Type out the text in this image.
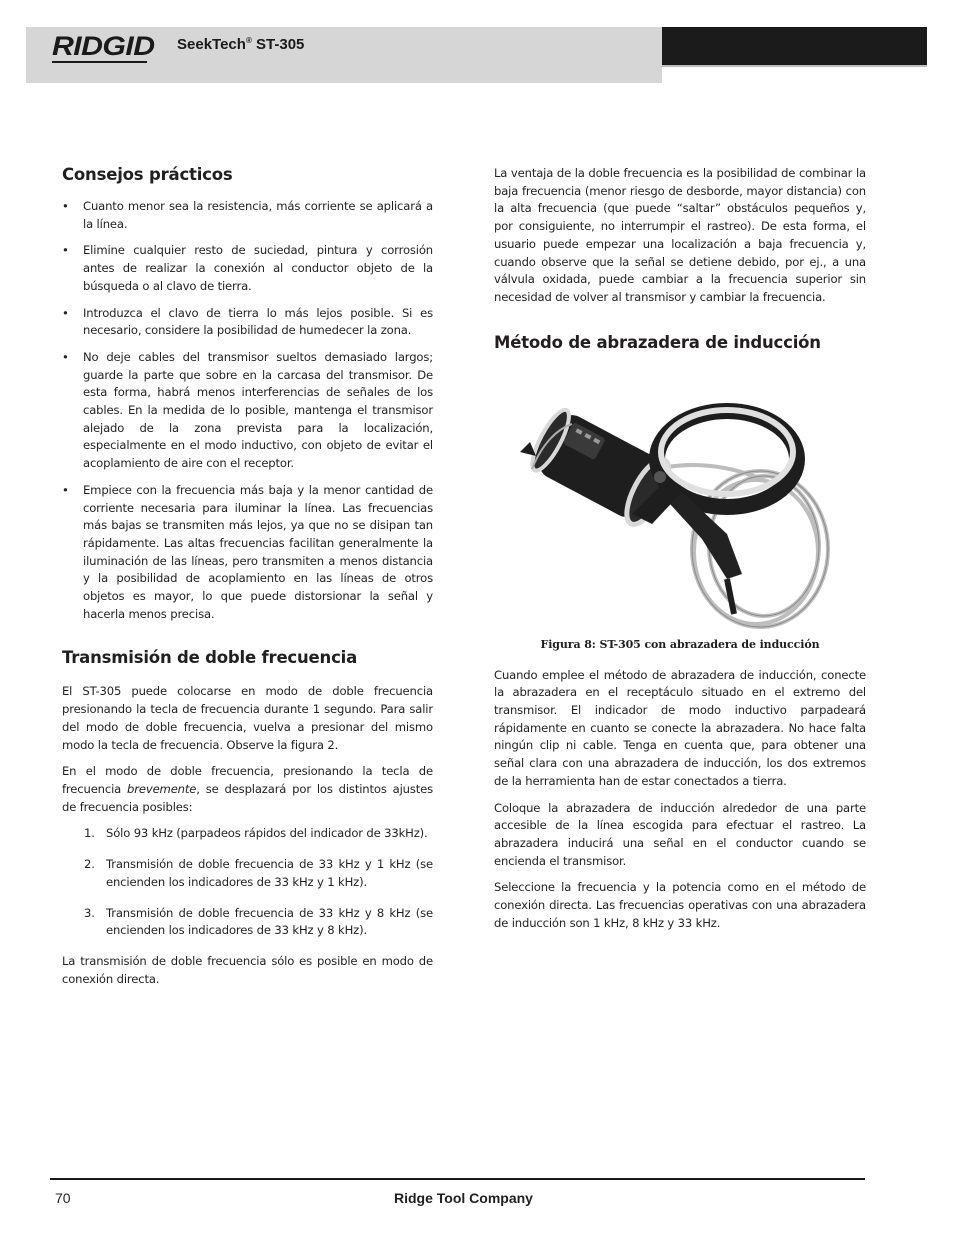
RIDGID SeekTech® ST-305
Consejos prácticos
• Cuanto menor sea la resistencia, más corriente se aplicará a la línea.
• Elimine cualquier resto de suciedad, pintura y corrosión antes de realizar la conexión al conductor objeto de la búsqueda o al clavo de tierra.
• Introduzca el clavo de tierra lo más lejos posible. Si es necesario, considere la posibilidad de humedecer la zona.
• No deje cables del transmisor sueltos demasiado largos; guarde la parte que sobre en la carcasa del transmisor. De esta forma, habrá menos interferencias de señales de los cables. En la medida de lo posible, mantenga el transmisor alejado de la zona prevista para la localización, especialmente en el modo inductivo, con objeto de evitar el acoplamiento de aire con el receptor.
• Empiece con la frecuencia más baja y la menor cantidad de corriente necesaria para iluminar la línea. Las frecuencias más bajas se transmiten más lejos, ya que no se disipan tan rápidamente. Las altas frecuencias facilitan generalmente la iluminación de las líneas, pero transmiten a menos distancia y la posibilidad de acoplamiento en las líneas de otros objetos es mayor, lo que puede distorsionar la señal y hacerla menos precisa.
Transmisión de doble frecuencia

El ST-305 puede colocarse en modo de doble frecuencia presionando la tecla de frecuencia durante 1 segundo. Para salir del modo de doble frecuencia, vuelva a presionar del mismo modo la tecla de frecuencia. Observe la figura 2.

En el modo de doble frecuencia, presionando la tecla de frecuencia brevemente, se desplazará por los distintos ajustes de frecuencia posibles:

1. Sólo 93 kHz (parpadeos rápidos del indicador de 33kHz).
2. Transmisión de doble frecuencia de 33 kHz y 1 kHz (se encienden los indicadores de 33 kHz y 1 kHz).
3. Transmisión de doble frecuencia de 33 kHz y 8 kHz (se encienden los indicadores de 33 kHz y 8 kHz).

La transmisión de doble frecuencia sólo es posible en modo de conexión directa.

La ventaja de la doble frecuencia es la posibilidad de combinar la baja frecuencia (menor riesgo de desborde, mayor distancia) con la alta frecuencia (que puede “saltar” obstáculos pequeños y, por consiguiente, no interrumpir el rastreo). De esta forma, el usuario puede empezar una localización a baja frecuencia y, cuando observe que la señal se detiene debido, por ej., a una válvula oxidada, puede cambiar a la frecuencia superior sin necesidad de volver al transmisor y cambiar la frecuencia.

Método de abrazadera de inducción
Figura 8: ST-305 con abrazadera de inducción

Cuando emplee el método de abrazadera de inducción, conecte la abrazadera en el receptáculo situado en el extremo del transmisor. El indicador de modo inductivo parpadeará rápidamente en cuanto se conecte la abrazadera. No hace falta ningún clip ni cable. Tenga en cuenta que, para obtener una señal clara con una abrazadera de inducción, los dos extremos de la herramienta han de estar conectados a tierra.

Coloque la abrazadera de inducción alrededor de una parte accesible de la línea escogida para efectuar el rastreo. La abrazadera inducirá una señal en el conductor cuando se encienda el transmisor.

Seleccione la frecuencia y la potencia como en el método de conexión directa. Las frecuencias operativas con una abrazadera de inducción son 1 kHz, 8 kHz y 33 kHz.

70	Ridge Tool Company
